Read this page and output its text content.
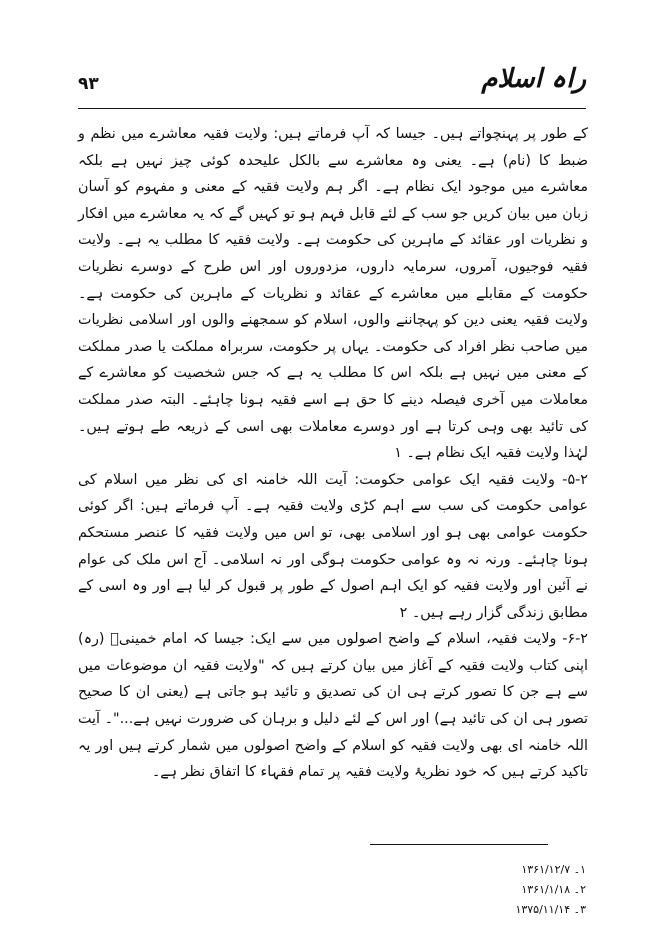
۹۳	راہ اسلام

کے طور پر پہنچواتے ہیں۔ جیسا کہ آپ فرماتے ہیں: ولایت فقیہ معاشرے میں نظم و ضبط کا (نام) ہے۔ یعنی وہ معاشرے سے بالکل علیحدہ کوئی چیز نہیں ہے بلکہ معاشرے میں موجود ایک نظام ہے۔ اگر ہم ولایت فقیہ کے معنی و مفہوم کو آسان زبان میں بیان کریں جو سب کے لئے قابل فہم ہو تو کہیں گے کہ یہ معاشرے میں افکار و نظریات اور عقائد کے ماہرین کی حکومت ہے۔ ولایت فقیہ کا مطلب یہ ہے۔ ولایت فقیہ فوجیوں، آمروں، سرمایہ داروں، مزدوروں اور اس طرح کے دوسرے نظریات حکومت کے مقابلے میں معاشرے کے عقائد و نظریات کے ماہرین کی حکومت ہے۔ ولایت فقیہ یعنی دین کو پہچاننے والوں، اسلام کو سمجھنے والوں اور اسلامی نظریات میں صاحب نظر افراد کی حکومت۔ یہاں پر حکومت، سربراہ مملکت یا صدر مملکت کے معنی میں نہیں ہے بلکہ اس کا مطلب یہ ہے کہ جس شخصیت کو معاشرے کے معاملات میں آخری فیصلہ دینے کا حق ہے اسے فقیہ ہونا چاہئے۔ البتہ صدر مملکت کی تائید بھی وہی کرتا ہے اور دوسرے معاملات بھی اسی کے ذریعہ طے ہوتے ہیں۔ لہٰذا ولایت فقیہ ایک نظام ہے۔ ۱

۵-۲- ولایت فقیہ ایک عوامی حکومت: آیت اللہ خامنہ ای کی نظر میں اسلام کی عوامی حکومت کی سب سے اہم کڑی ولایت فقیہ ہے۔ آپ فرماتے ہیں: اگر کوئی حکومت عوامی بھی ہو اور اسلامی بھی، تو اس میں ولایت فقیہ کا عنصر مستحکم ہونا چاہئے۔ ورنہ نہ وہ عوامی حکومت ہوگی اور نہ اسلامی۔ آج اس ملک کی عوام نے آئین اور ولایت فقیہ کو ایک اہم اصول کے طور پر قبول کر لیا ہے اور وہ اسی کے مطابق زندگی گزار رہے ہیں۔ ۲

۶-۲- ولایت فقیہ، اسلام کے واضح اصولوں میں سے ایک: جیسا کہ امام خمینیؒ (رہ) اپنی کتاب ولایت فقیہ کے آغاز میں بیان کرتے ہیں کہ "ولایت فقیہ ان موضوعات میں سے ہے جن کا تصور کرتے ہی ان کی تصدیق و تائید ہو جاتی ہے (یعنی ان کا صحیح تصور ہی ان کی تائید ہے) اور اس کے لئے دلیل و برہان کی ضرورت نہیں ہے..."۔ آیت اللہ خامنہ ای بھی ولایت فقیہ کو اسلام کے واضح اصولوں میں شمار کرتے ہیں اور یہ تاکید کرتے ہیں کہ خود نظریۂ ولایت فقیہ پر تمام فقہاء کا اتفاق نظر ہے۔

۱۔ ۱۳۶۱/۱۲/۷
۲۔ ۱۳۶۱/۱/۱۸
۳۔ ۱۳۷۵/۱۱/۱۴
